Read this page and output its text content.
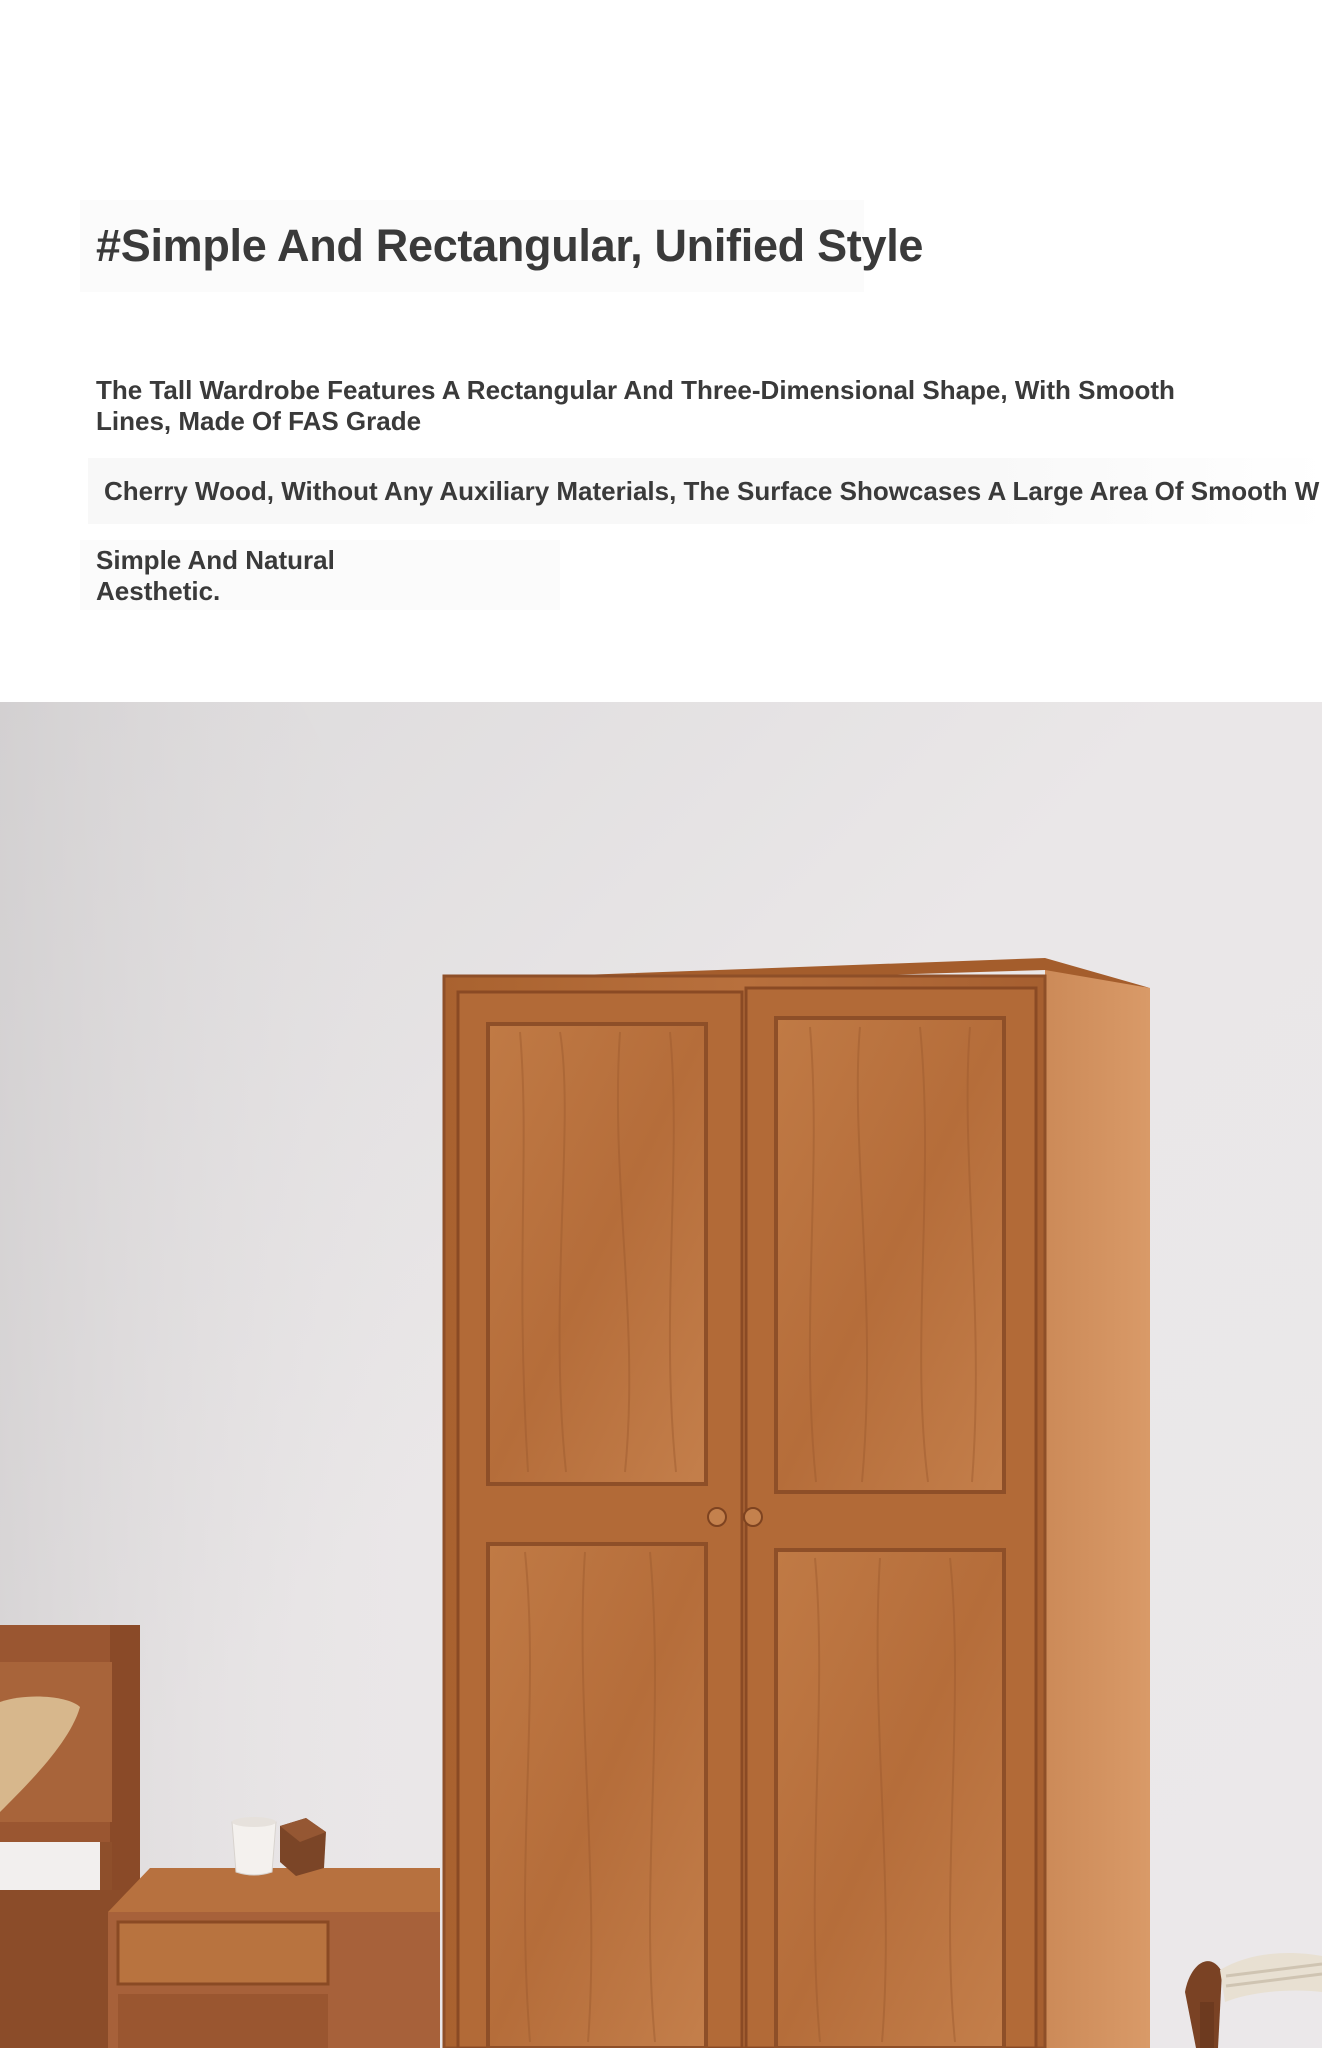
#Simple And Rectangular, Unified Style
The Tall Wardrobe Features A Rectangular And Three-Dimensional Shape, With Smooth Lines, Made Of FAS Grade
Cherry Wood, Without Any Auxiliary Materials, The Surface Showcases A Large Area Of Smooth W
Simple And Natural
Aesthetic.
